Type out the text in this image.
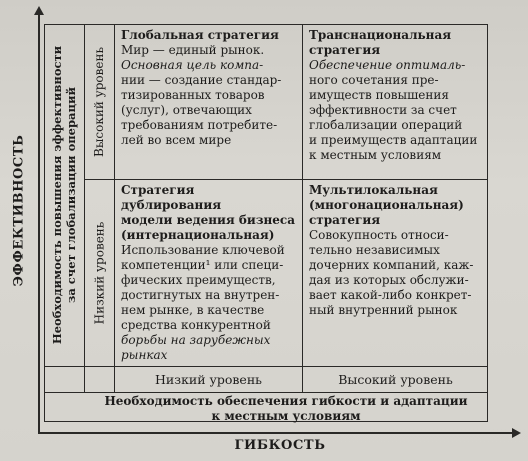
ЭФФЕКТИВНОСТЬ Необходимость повышения эффективности за счет глобализации операций Высокий уровень
Низкий уровень

Глобальная стратегия

Мир — единый рынок.
Основная цель компа-
нии — создание стандар-
тизированных товаров
(услуг), отвечающих
требованиям потребите-
лей во всем мире

Транснациональная
стратегия

Обеспечение оптималь-
ного сочетания пре-
имуществ повышения
эффективности за счет
глобализации операций
и преимуществ адаптации
к местным условиям

Стратегия дублирования
модели ведения бизнеса
(интернациональная)

Использование ключевой
компетенции¹ или специ-
фических преимуществ,
достигнутых на внутрен-
нем рынке, в качестве
средства конкурентной
борьбы на зарубежных
рынках

Мультилокальная
(многонациональная)
стратегия

Совокупность относи-
тельно независимых
дочерних компаний, каж-
дая из которых обслужи-
вает какой-либо конкрет-
ный внутренний рынок

Низкий уровень	Высокий уровень
Необходимость обеспечения гибкости и адаптации
к местным условиям
ГИБКОСТЬ
